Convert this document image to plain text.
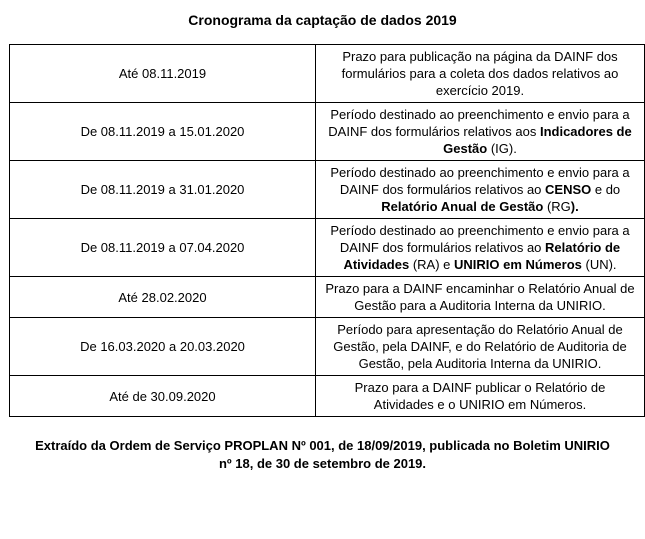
Cronograma da captação de dados 2019
Até 08.11.2019	Prazo para publicação na página da DAINF dos formulários para a coleta dos dados relativos ao exercício 2019.
De 08.11.2019 a 15.01.2020	Período destinado ao preenchimento e envio para a DAINF dos formulários relativos aos Indicadores de Gestão (IG).
De 08.11.2019 a 31.01.2020	Período destinado ao preenchimento e envio para a DAINF dos formulários relativos ao CENSO e do Relatório Anual de Gestão (RG).
De 08.11.2019 a 07.04.2020	Período destinado ao preenchimento e envio para a DAINF dos formulários relativos ao Relatório de Atividades (RA) e UNIRIO em Números (UN).
Até 28.02.2020	Prazo para a DAINF encaminhar o Relatório Anual de Gestão para a Auditoria Interna da UNIRIO.
De 16.03.2020 a 20.03.2020	Período para apresentação do Relatório Anual de Gestão, pela DAINF, e do Relatório de Auditoria de Gestão, pela Auditoria Interna da UNIRIO.
Até de 30.09.2020	Prazo para a DAINF publicar o Relatório de Atividades e o UNIRIO em Números.
Extraído da Ordem de Serviço PROPLAN Nº 001, de 18/09/2019, publicada no Boletim UNIRIO nº 18, de 30 de setembro de 2019.
